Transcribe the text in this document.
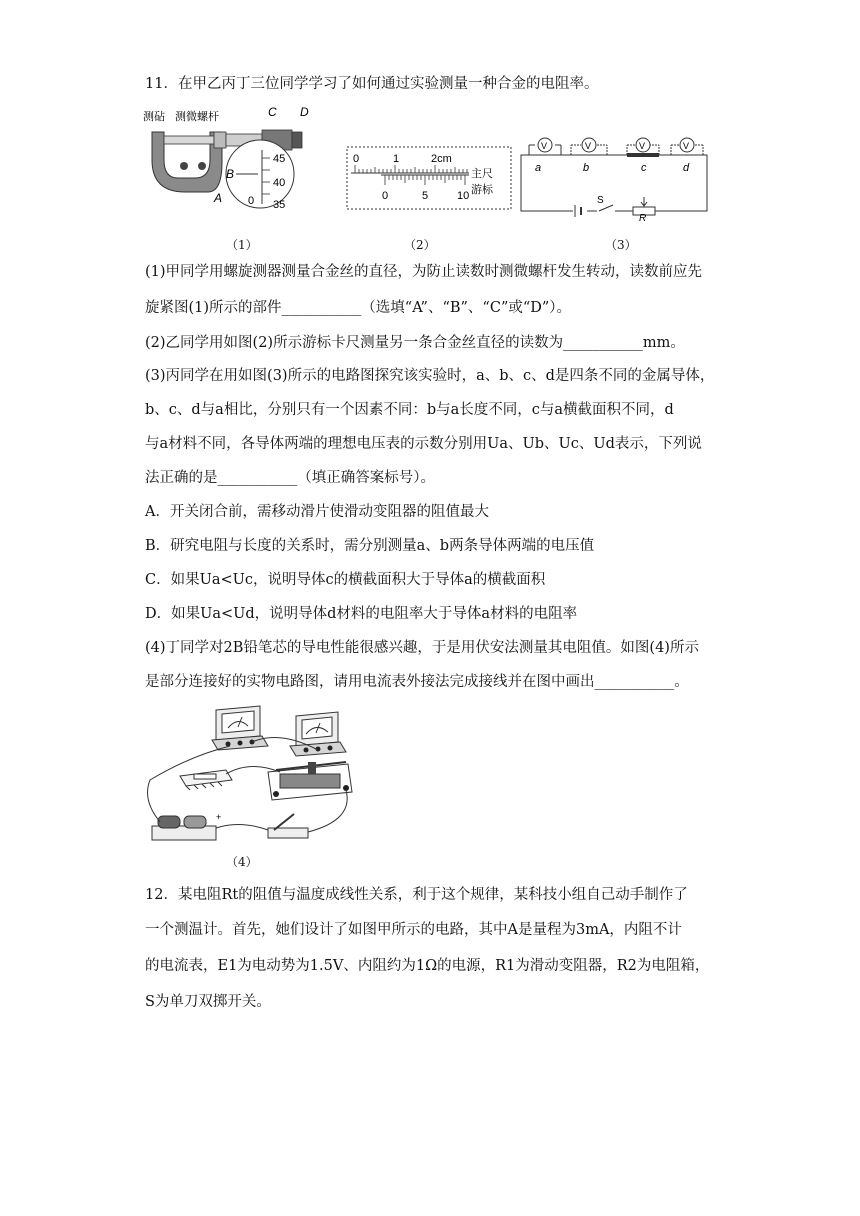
11．在甲乙丙丁三位同学学习了如何通过实验测量一种合金的电阻率。
测砧 测微螺杆	C D
45
40
35
0
B
A
0	1	2cm
0	5	10
主尺
游标
V	V	V	V
a	b	c	d
S
R
（1）	（2）	（3）
(1)甲同学用螺旋测器测量合金丝的直径，为防止读数时测微螺杆发生转动，读数前应先
旋紧图(1)所示的部件___________（选填“A”、“B”、“C”或“D”）。
(2)乙同学用如图(2)所示游标卡尺测量另一条合金丝直径的读数为___________mm。
(3)丙同学在用如图(3)所示的电路图探究该实验时，a、b、c、d是四条不同的金属导体，
b、c、d与a相比，分别只有一个因素不同：b与a长度不同，c与a横截面积不同，d
与a材料不同，各导体两端的理想电压表的示数分别用Ua、Ub、Uc、Ud表示，下列说
法正确的是___________（填正确答案标号）。
A．开关闭合前，需移动滑片使滑动变阻器的阻值最大
B．研究电阻与长度的关系时，需分别测量a、b两条导体两端的电压值
C．如果Ua<Uc，说明导体c的横截面积大于导体a的横截面积
D．如果Ua<Ud，说明导体d材料的电阻率大于导体a材料的电阻率
(4)丁同学对2B铅笔芯的导电性能很感兴趣，于是用伏安法测量其电阻值。如图(4)所示
是部分连接好的实物电路图，请用电流表外接法完成接线并在图中画出___________。
+
（4）
12．某电阻Rt的阻值与温度成线性关系，利于这个规律，某科技小组自己动手制作了
一个测温计。首先，她们设计了如图甲所示的电路，其中A是量程为3mA，内阻不计
的电流表，E1为电动势为1.5V、内阻约为1Ω的电源，R1为滑动变阻器，R2为电阻箱，
S为单刀双掷开关。
